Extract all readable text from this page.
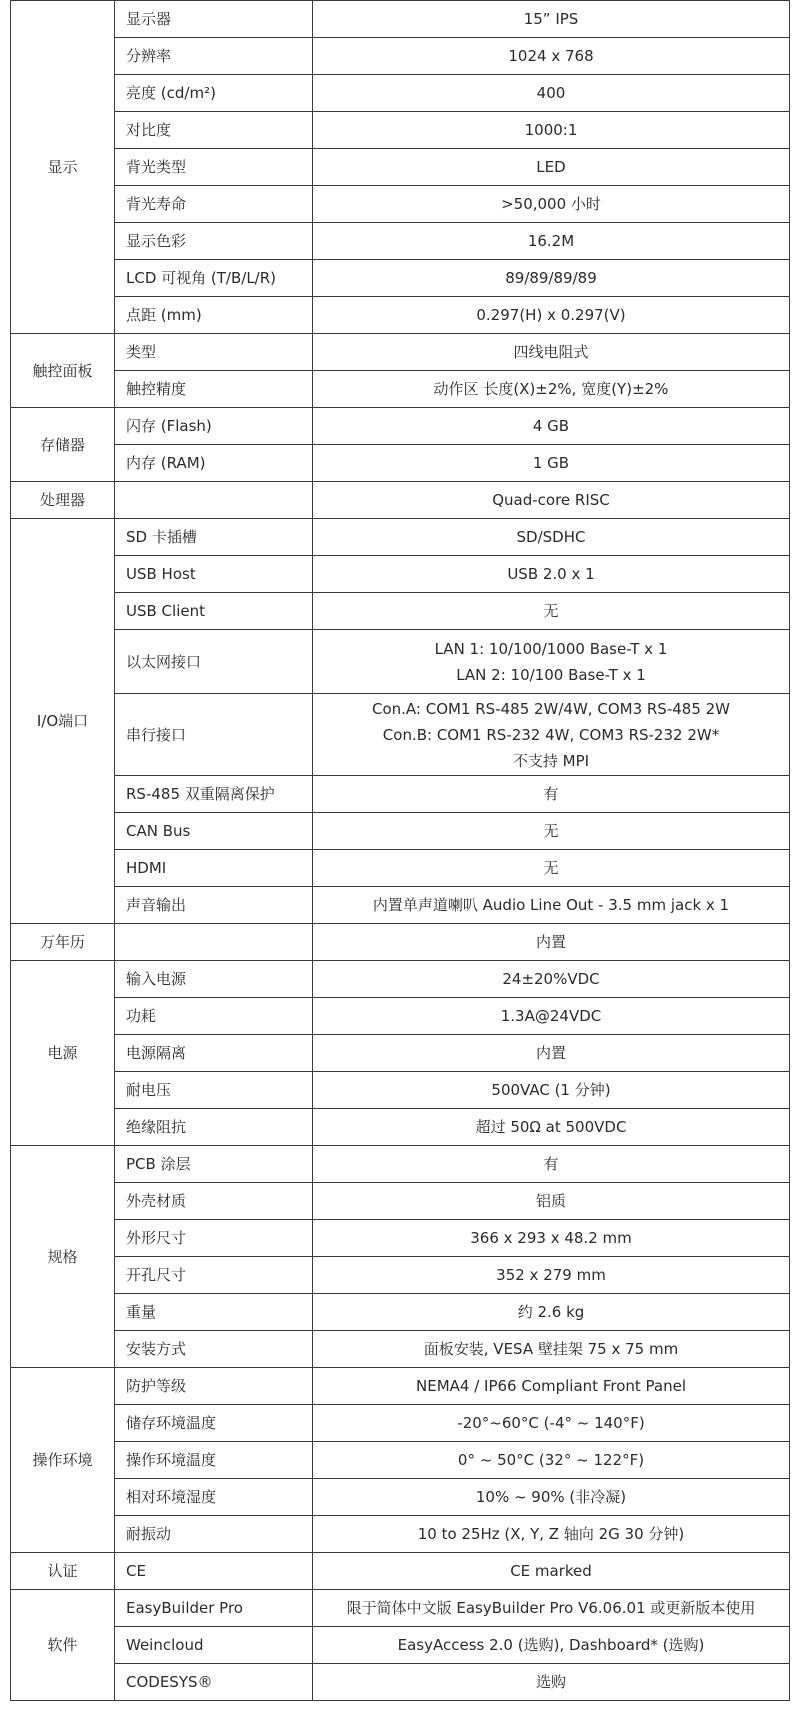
显示	显示器	15” IPS

	分辨率	1024 x 768

	亮度 (cd/m²)	400

	对比度	1000:1

	背光类型	LED

	背光寿命	>50,000 小时

	显示色彩	16.2M

	LCD 可视角 (T/B/L/R)	89/89/89/89

	点距 (mm)	0.297(H) x 0.297(V)

触控面板	类型	四线电阻式

	触控精度	动作区 长度(X)±2%, 宽度(Y)±2%

存储器	闪存 (Flash)	4 GB

	内存 (RAM)	1 GB

处理器		Quad-core RISC

I/O端口	SD 卡插槽	SD/SDHC

	USB Host	USB 2.0 x 1

	USB Client	无

	以太网接口	LAN 1: 10/100/1000 Base-T x 1
LAN 2: 10/100 Base-T x 1

	串行接口	Con.A: COM1 RS-485 2W/4W, COM3 RS-485 2W
Con.B: COM1 RS-232 4W, COM3 RS-232 2W*
不支持 MPI

	RS-485 双重隔离保护	有

	CAN Bus	无

	HDMI	无

	声音输出	内置单声道喇叭 Audio Line Out - 3.5 mm jack x 1

万年历		内置

电源	输入电源	24±20%VDC

	功耗	1.3A@24VDC

	电源隔离	内置

	耐电压	500VAC (1 分钟)

	绝缘阻抗	超过 50Ω at 500VDC

规格	PCB 涂层	有

	外壳材质	铝质

	外形尺寸	366 x 293 x 48.2 mm

	开孔尺寸	352 x 279 mm

	重量	约 2.6 kg

	安装方式	面板安装, VESA 壁挂架 75 x 75 mm

操作环境	防护等级	NEMA4 / IP66 Compliant Front Panel

	储存环境温度	-20°~60°C (-4° ~ 140°F)

	操作环境温度	0° ~ 50°C (32° ~ 122°F)

	相对环境湿度	10% ~ 90% (非冷凝)

	耐振动	10 to 25Hz (X, Y, Z 轴向 2G 30 分钟)

认证	CE	CE marked

软件	EasyBuilder Pro	限于简体中文版 EasyBuilder Pro V6.06.01 或更新版本使用

	Weincloud	EasyAccess 2.0 (选购), Dashboard* (选购)

	CODESYS®	选购
